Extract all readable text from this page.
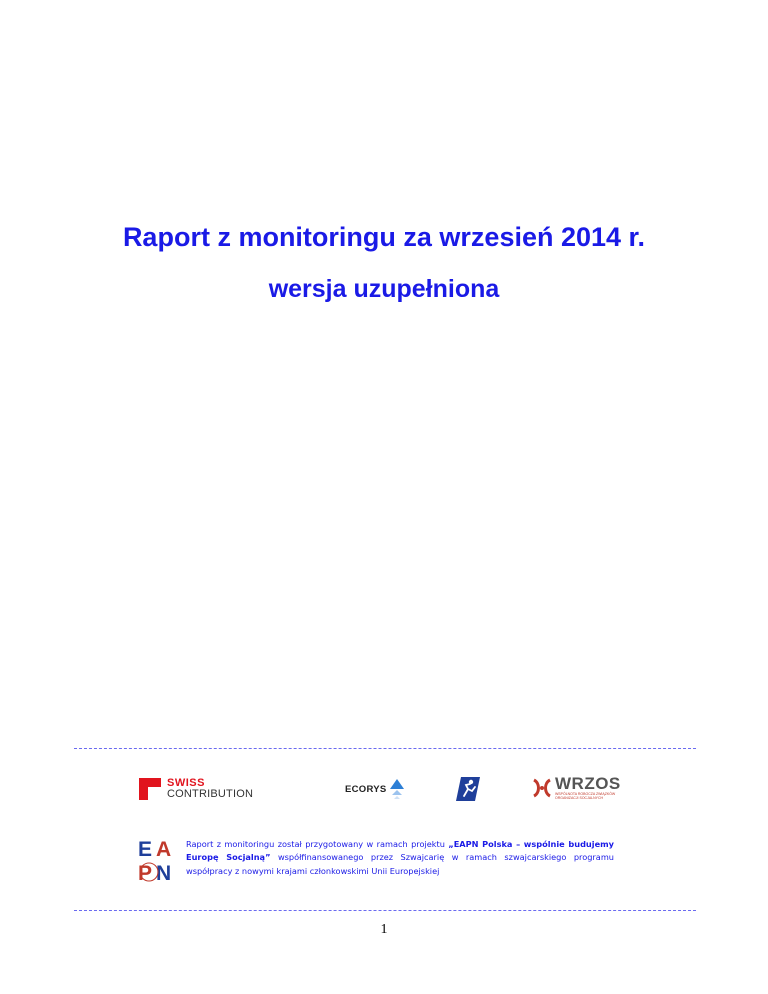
Raport z monitoringu za wrzesień 2014 r.
wersja uzupełniona
SWISS
CONTRIBUTION	ECORYS	WRZOS
WSPÓLNOTA ROBOCZA ZWIĄZKÓW ORGANIZACJI SOCJALNYCH
E A
P N
Raport z monitoringu został przygotowany w ramach projektu „EAPN Polska – wspólnie budujemy Europę Socjalną” współfinansowanego przez Szwajcarię w ramach szwajcarskiego programu współpracy z nowymi krajami członkowskimi Unii Europejskiej
1
